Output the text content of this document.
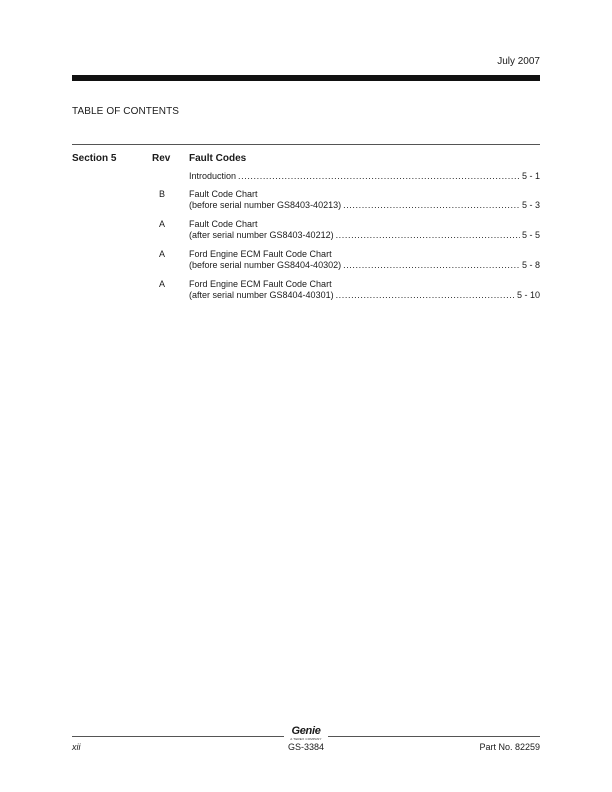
July 2007
TABLE OF CONTENTS
Section 5	Rev Fault Codes
Introduction .....	5 - 1
B	Fault Code Chart
(before serial number GS8403-40213) .....	5 - 3
A	Fault Code Chart
(after serial number GS8403-40212) .....	5 - 5
A	Ford Engine ECM Fault Code Chart
(before serial number GS8404-40302) .....	5 - 8
A	Ford Engine ECM Fault Code Chart
(after serial number GS8404-40301) .....	5 - 10
Genie
A TEREX COMPANY
xii	GS-3384	Part No. 82259
